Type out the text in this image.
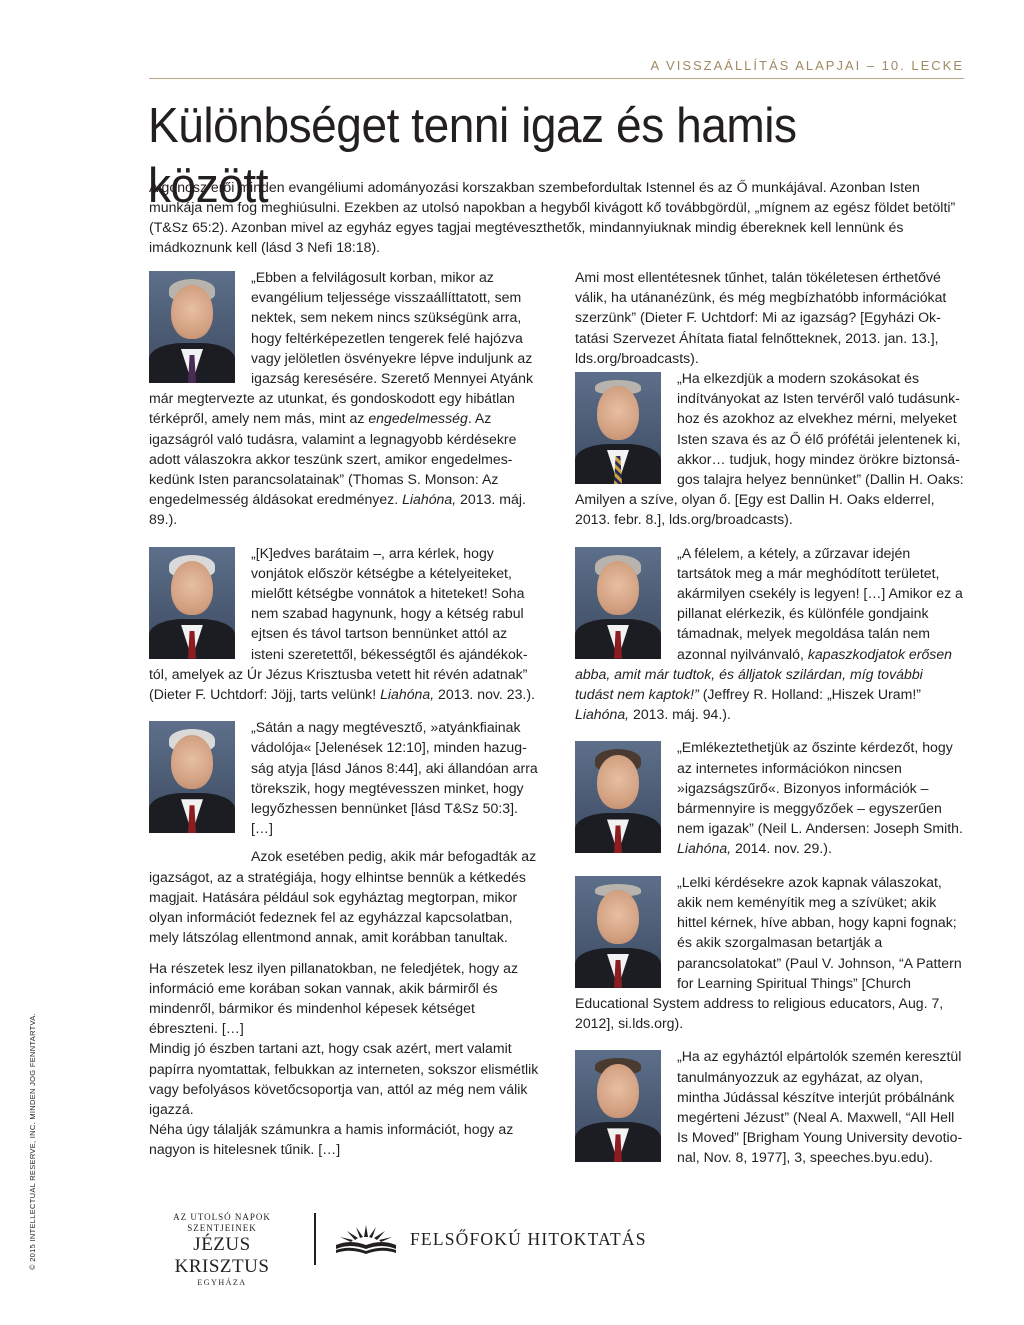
A VISSZAÁLLÍTÁS ALAPJAI – 10. LECKE
Különbséget tenni igaz és hamis között
A gonosz erői minden evangéliumi adományozási korszakban szembefordultak Istennel és az Ő munkájával. Azonban Isten munkája nem fog meghiúsulni. Ezekben az utolsó napokban a hegyből kivágott kő továbbgördül, „mígnem az egész földet betölti” (T&Sz 65:2). Azonban mivel az egyház egyes tagjai megtéveszthetők, mindannyiuknak mindig ébereknek kell lennünk és imádkoznunk kell (lásd 3 Nefi 18:18).

„Ebben a felvilágosult korban, mikor az evangélium teljessége visszaállíttatott, sem nektek, sem nekem nincs szükségünk arra, hogy feltérképezetlen tengerek felé hajózva vagy jelöletlen ösvényekre lépve induljunk az igazság keresésére. Szerető Mennyei Atyánk már megtervezte az utunkat, és gondoskodott egy hibátlan térképről, amely nem más, mint az engedelmesség. Az igazságról való tudásra, valamint a legnagyobb kérdésekre adott válaszokra akkor teszünk szert, amikor engedelmeskedünk Isten parancsolatainak” (Thomas S. Monson: Az engedelmesség áldásokat eredményez. Liahóna, 2013. máj. 89.).

„[K]edves barátaim –, arra kérlek, hogy vonjátok először kétségbe a kételyeiteket, mielőtt kétségbe vonnátok a hiteteket! Soha nem szabad hagynunk, hogy a kétség rabul ejtsen és távol tartson bennünket attól az isteni szeretettől, békességtől és ajándékoktól, amelyek az Úr Jézus Krisztusba vetett hit révén adatnak” (Dieter F. Uchtdorf: Jöjj, tarts velünk! Liahóna, 2013. nov. 23.).

„Sátán a nagy megtévesztő, »atyánkfiainak vádolója« [Jelenések 12:10], minden hazugság atyja [lásd János 8:44], aki állandóan arra törekszik, hogy megtévesszen minket, hogy legyőzhessen bennünket [lásd T&Sz 50:3]. […]

Azok esetében pedig, akik már befogadták az igazságot, az a stratégiája, hogy elhintse bennük a kétkedés magjait. Hatására például sok egyháztag megtorpan, mikor olyan információt fedeznek fel az egyházzal kapcsolatban, mely látszólag ellentmond annak, amit korábban tanultak.

Ha részetek lesz ilyen pillanatokban, ne feledjétek, hogy az információ eme korában sokan vannak, akik bármiről és mindenről, bármikor és mindenhol képesek kétséget ébreszteni. […]

Mindig jó észben tartani azt, hogy csak azért, mert valamit papírra nyomtattak, felbukkan az interneten, sokszor elismétlik vagy befolyásos követőcsoportja van, attól az még nem válik igazzá.

Néha úgy tálalják számunkra a hamis információt, hogy az nagyon is hitelesnek tűnik. […]

Ami most ellentétesnek tűnhet, talán tökéletesen érthetővé válik, ha utánanézünk, és még megbízhatóbb információkat szerzünk” (Dieter F. Uchtdorf: Mi az igazság? [Egyházi Oktatási Szervezet Áhítata fiatal felnőtteknek, 2013. jan. 13.], lds.org/broadcasts).

„Ha elkezdjük a modern szokásokat és indítványokat az Isten tervéről való tudásunkhoz és azokhoz az elvekhez mérni, melyeket Isten szava és az Ő élő prófétái jelentenek ki, akkor… tudjuk, hogy mindez örökre biztonságos talajra helyez bennünket” (Dallin H. Oaks: Amilyen a szíve, olyan ő. [Egy est Dallin H. Oaks elderrel, 2013. febr. 8.], lds.org/broadcasts).

„A félelem, a kétely, a zűrzavar idején tartsátok meg a már meghódított területet, akármilyen csekély is legyen! […] Amikor ez a pillanat elérkezik, és különféle gondjaink támadnak, melyek megoldása talán nem azonnal nyilvánvaló, kapaszkodjatok erősen abba, amit már tudtok, és álljatok szilárdan, míg további tudást nem kaptok!” (Jeffrey R. Holland: „Hiszek Uram!” Liahóna, 2013. máj. 94.).

„Emlékeztethetjük az őszinte kérdezőt, hogy az internetes információkon nincsen »igazságszűrő«. Bizonyos információk – bármennyire is meggyőzőek – egyszerűen nem igazak” (Neil L. Andersen: Joseph Smith. Liahóna, 2014. nov. 29.).

„Lelki kérdésekre azok kapnak válaszokat, akik nem keményítik meg a szívüket; akik hittel kérnek, híve abban, hogy kapni fognak; és akik szorgalmasan betartják a parancsolatokat” (Paul V. Johnson, “A Pattern for Learning Spiritual Things” [Church Educational System address to religious educators, Aug. 7, 2012], si.lds.org).

„Ha az egyháztól elpártolók szemén keresztül tanulmányozzuk az egyházat, az olyan, mintha Júdással készítve interjút próbálnánk megérteni Jézust” (Neal A. Maxwell, “All Hell Is Moved” [Brigham Young University devotional, Nov. 8, 1977], 3, speeches.byu.edu).

© 2015 INTELLECTUAL RESERVE, INC. MINDEN JOG FENNTARTVA.	AZ UTOLSÓ NAPOK
SZENTJEINEK
JÉZUS KRISZTUS
EGYHÁZA
FELSŐFOKÚ HITOKTATÁS
